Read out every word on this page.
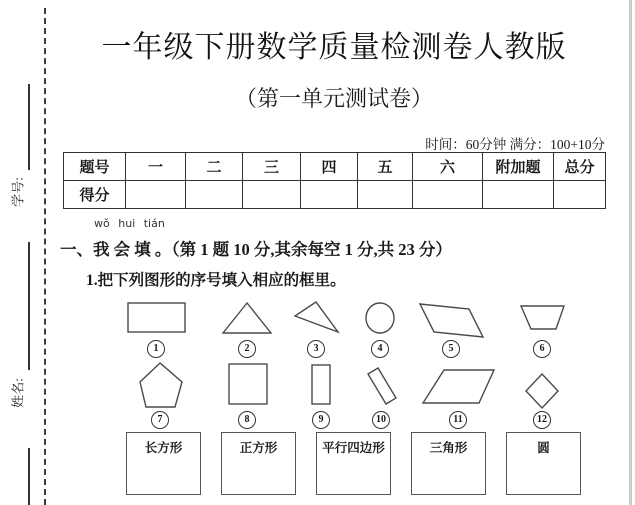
学号:
姓名:
一年级下册数学质量检测卷人教版
（第一单元测试卷）
时间：60分钟 满分：100+10分
题号	一	二	三	四	五	六	附加题	总分
得分								
wǒ hui tián
一、我 会 填 。（第 1 题 10 分,其余每空 1 分,共 23 分）
1.把下列图形的序号填入相应的框里。
1	2	3	4	5	6
7	8	9	10	11	12
长方形	正方形	平行四边形	三角形	圆
